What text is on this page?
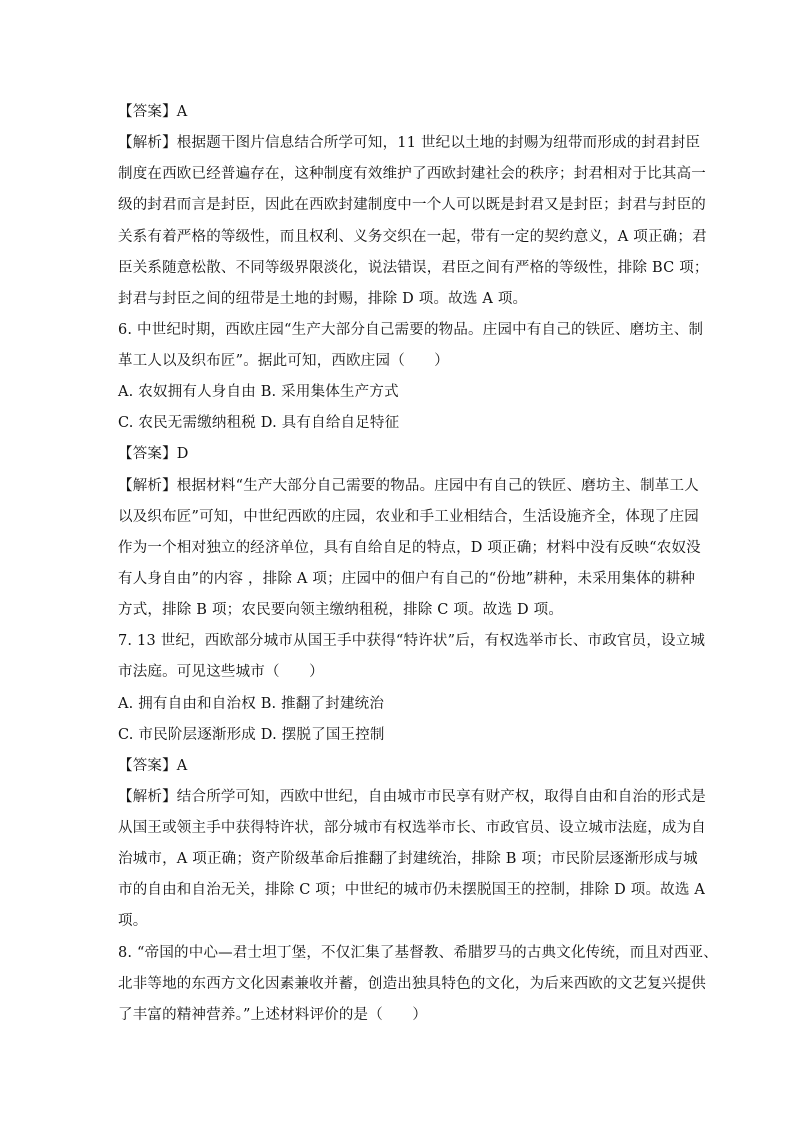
【答案】A
【解析】根据题干图片信息结合所学可知，11 世纪以土地的封赐为纽带而形成的封君封臣
制度在西欧已经普遍存在，这种制度有效维护了西欧封建社会的秩序；封君相对于比其高一
级的封君而言是封臣，因此在西欧封建制度中一个人可以既是封君又是封臣；封君与封臣的
关系有着严格的等级性，而且权利、义务交织在一起，带有一定的契约意义，A 项正确；君
臣关系随意松散、不同等级界限淡化，说法错误，君臣之间有严格的等级性，排除 BC 项；
封君与封臣之间的纽带是土地的封赐，排除 D 项。故选 A 项。
6. 中世纪时期，西欧庄园“生产大部分自己需要的物品。庄园中有自己的铁匠、磨坊主、制
革工人以及织布匠”。据此可知，西欧庄园（　　）
A. 农奴拥有人身自由 B. 采用集体生产方式
C. 农民无需缴纳租税 D. 具有自给自足特征
【答案】D
【解析】根据材料“生产大部分自己需要的物品。庄园中有自己的铁匠、磨坊主、制革工人
以及织布匠”可知，中世纪西欧的庄园，农业和手工业相结合，生活设施齐全，体现了庄园
作为一个相对独立的经济单位，具有自给自足的特点，D 项正确；材料中没有反映“农奴没
有人身自由”的内容 ，排除 A 项；庄园中的佃户有自己的“份地”耕种，未采用集体的耕种
方式，排除 B 项；农民要向领主缴纳租税，排除 C 项。故选 D 项。
7. 13 世纪，西欧部分城市从国王手中获得“特许状”后，有权选举市长、市政官员，设立城
市法庭。可见这些城市（　　）
A. 拥有自由和自治权 B. 推翻了封建统治
C. 市民阶层逐渐形成 D. 摆脱了国王控制
【答案】A
【解析】结合所学可知，西欧中世纪，自由城市市民享有财产权，取得自由和自治的形式是
从国王或领主手中获得特许状，部分城市有权选举市长、市政官员、设立城市法庭，成为自
治城市，A 项正确；资产阶级革命后推翻了封建统治，排除 B 项；市民阶层逐渐形成与城
市的自由和自治无关，排除 C 项；中世纪的城市仍未摆脱国王的控制，排除 D 项。故选 A
项。
8. “帝国的中心—君士坦丁堡，不仅汇集了基督教、希腊罗马的古典文化传统，而且对西亚、
北非等地的东西方文化因素兼收并蓄，创造出独具特色的文化，为后来西欧的文艺复兴提供
了丰富的精神营养。”上述材料评价的是（　　）
